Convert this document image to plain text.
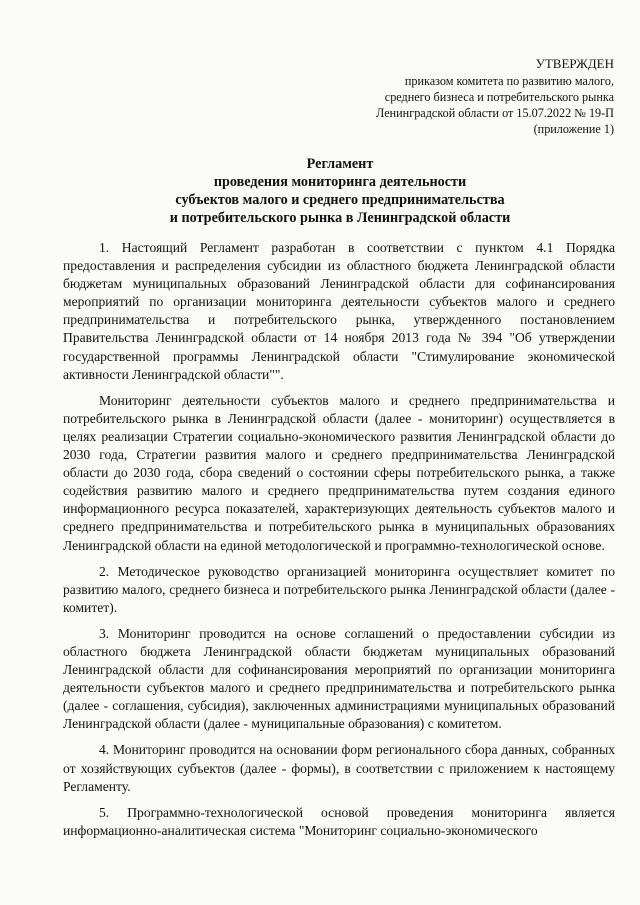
УТВЕРЖДЕН
приказом комитета по развитию малого,
среднего бизнеса и потребительского рынка
Ленинградской области от 15.07.2022 № 19-П
(приложение 1)
Регламент
проведения мониторинга деятельности
субъектов малого и среднего предпринимательства
и потребительского рынка в Ленинградской области

1. Настоящий Регламент разработан в соответствии с пунктом 4.1 Порядка предоставления и распределения субсидии из областного бюджета Ленинградской области бюджетам муниципальных образований Ленинградской области для софинансирования мероприятий по организации мониторинга деятельности субъектов малого и среднего предпринимательства и потребительского рынка, утвержденного постановлением Правительства Ленинградской области от 14 ноября 2013 года № 394 "Об утверждении государственной программы Ленинградской области "Стимулирование экономической активности Ленинградской области"".

Мониторинг деятельности субъектов малого и среднего предпринимательства и потребительского рынка в Ленинградской области (далее - мониторинг) осуществляется в целях реализации Стратегии социально-экономического развития Ленинградской области до 2030 года, Стратегии развития малого и среднего предпринимательства Ленинградской области до 2030 года, сбора сведений о состоянии сферы потребительского рынка, а также содействия развитию малого и среднего предпринимательства путем создания единого информационного ресурса показателей, характеризующих деятельность субъектов малого и среднего предпринимательства и потребительского рынка в муниципальных образованиях Ленинградской области на единой методологической и программно-технологической основе.

2. Методическое руководство организацией мониторинга осуществляет комитет по развитию малого, среднего бизнеса и потребительского рынка Ленинградской области (далее - комитет).

3. Мониторинг проводится на основе соглашений о предоставлении субсидии из областного бюджета Ленинградской области бюджетам муниципальных образований Ленинградской области для софинансирования мероприятий по организации мониторинга деятельности субъектов малого и среднего предпринимательства и потребительского рынка (далее - соглашения, субсидия), заключенных администрациями муниципальных образований Ленинградской области (далее - муниципальные образования) с комитетом.

4. Мониторинг проводится на основании форм регионального сбора данных, собранных от хозяйствующих субъектов (далее - формы), в соответствии с приложением к настоящему Регламенту.

5. Программно-технологической основой проведения мониторинга является информационно-аналитическая система "Мониторинг социально-экономического
